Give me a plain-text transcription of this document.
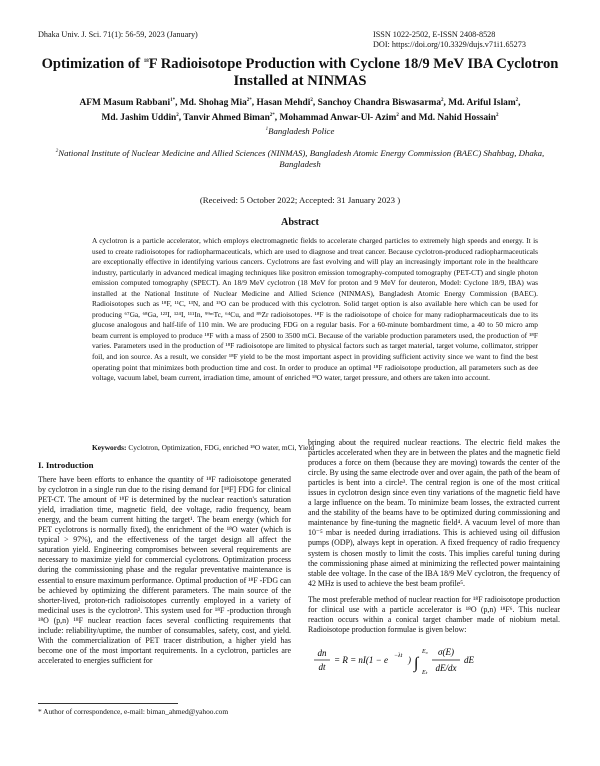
Dhaka Univ. J. Sci. 71(1): 56-59, 2023 (January)	ISSN 1022-2502, E-ISSN 2408-8528
DOI: https://doi.org/10.3329/dujs.v71i1.65273
Optimization of $^{18}$F Radioisotope Production with Cyclone 18/9 MeV IBA Cyclotron Installed at NINMAS
AFM Masum Rabbani$^{1*}$, Md. Shohag Mia$^{2*}$, Hasan Mehdi$^2$, Sanchoy Chandra Biswasarma$^2$, Md. Ariful Islam$^2$,
Md. Jashim Uddin$^2$, Tanvir Ahmed Biman$^{2*}$, Mohammad Anwar-Ul- Azim$^2$ and Md. Nahid Hossain$^2$
$^1$Bangladesh Police
$^2$National Institute of Nuclear Medicine and Allied Sciences (NINMAS), Bangladesh Atomic Energy Commission (BAEC) Shahbag, Dhaka, Bangladesh
(Received: 5 October 2022; Accepted: 31 January 2023 )
Abstract

A cyclotron is a particle accelerator, which employs electromagnetic fields to accelerate charged particles to extremely high speeds and energy. It is used to create radioisotopes for radiopharmaceuticals, which are used to diagnose and treat cancer. Because cyclotron-produced radiopharmaceuticals are exceptionally effective in identifying various cancers. Cyclotrons are fast evolving and will play an increasingly important role in the healthcare industry, particularly in advanced medical imaging techniques like positron emission tomography-computed tomography (PET-CT) and single photon emission computed tomography (SPECT). An 18/9 MeV cyclotron (18 MeV for proton and 9 MeV for deuteron, Model: Cyclone 18/9, IBA) was installed at the National Institute of Nuclear Medicine and Allied Science (NINMAS), Bangladesh Atomic Energy Commission (BAEC). Radioisotopes such as ¹⁸F, ¹¹C, ¹³N, and ¹⁵O can be produced with this cyclotron. Solid target option is also available here which can be used for producing ⁶⁷Ga, ⁶⁸Ga, ¹²³I, ¹²⁴I, ¹¹¹In, ⁹⁹ᵐTc, ⁶⁴Cu, and ⁸⁹Zr radioisotopes. ¹⁸F is the radioisotope of choice for many radiopharmaceuticals due to its glucose analogous and half-life of 110 min. We are producing FDG on a regular basis. For a 60-minute bombardment time, a 40 to 50 micro amp beam current is employed to produce ¹⁸F with a mass of 2500 to 3500 mCi. Because of the variable production parameters used, the production of ¹⁸F varies. Parameters used in the production of ¹⁸F radioisotope are limited to physical factors such as target material, target volume, collimator, stripper foil, and ion source. As a result, we consider ¹⁸F yield to be the most important aspect in providing sufficient activity since we want to find the best operating point that minimizes both production time and cost. In order to produce an optimal ¹⁸F radioisotope production, all parameters such as dee voltage, vacuum label, beam current, irradiation time, amount of enriched ¹⁸O water, target pressure, and others are taken into account.

Keywords: Cyclotron, Optimization, FDG, enriched ¹⁸O water, mCi, Yield

I. Introduction

There have been efforts to enhance the quantity of ¹⁸F radioisotope generated by cyclotron in a single run due to the rising demand for [¹⁸F] FDG for clinical PET-CT. The amount of ¹⁸F is determined by the nuclear reaction's saturation yield, irradiation time, magnetic field, dee voltage, radio frequency, beam energy, and the beam current hitting the target¹. The beam energy (which for PET cyclotrons is normally fixed), the enrichment of the ¹⁸O water (which is typical > 97%), and the effectiveness of the target design all affect the saturation yield. Engineering compromises between several requirements are necessary to maximize yield for commercial cyclotrons. Optimization process during the commissioning phase and the regular preventative maintenance is essential to ensure maximum performance. Optimal production of ¹⁸F -FDG can be achieved by optimizing the different parameters. The main source of the shorter-lived, proton-rich radioisotopes currently employed in a variety of medicinal uses is the cyclotron². This system used for ¹⁸F -production through ¹⁸O (p,n) ¹⁸F nuclear reaction faces several conflicting requirements that include: reliability/uptime, the number of consumables, safety, cost, and yield. With the commercialization of PET tracer distribution, a higher yield has become one of the most important requirements. In a cyclotron, particles are accelerated to energies sufficient for

bringing about the required nuclear reactions. The electric field makes the particles accelerated when they are in between the plates and the magnetic field produces a force on them (because they are moving) towards the center of the circle. By using the same electrode over and over again, the path of the beam of particles is bent into a circle³. The central region is one of the most critical issues in cyclotron design since even tiny variations of the magnetic field have a large influence on the beam. To minimize beam losses, the extracted current and the stability of the beams have to be optimized during commissioning and maintenance by fine-tuning the magnetic field⁴. A vacuum level of more than 10⁻⁵ mbar is needed during irradiations. This is achieved using oil diffusion pumps (ODP), always kept in operation. A fixed frequency of radio frequency system is chosen mostly to limit the costs. This implies careful tuning during the commissioning phase aimed at minimizing the reflected power maintaining stable dee voltage. In the case of the IBA 18/9 MeV cyclotron, the frequency of 42 MHz is used to achieve the best beam profile⁵.

The most preferable method of nuclear reaction for ¹⁸F radioisotope production for clinical use with a particle accelerator is ¹⁸O (p,n) ¹⁸F⁶. This nuclear reaction occurs within a conical target chamber made of niobium metal. Radioisotope production formulae is given below:

dn
dt
= R = nI(1 − e −λt ) ∫
E₀
Eₜ
σ(E)
dE/dx
dE
* Author of correspondence, e-mail: biman_ahmed@yahoo.com
